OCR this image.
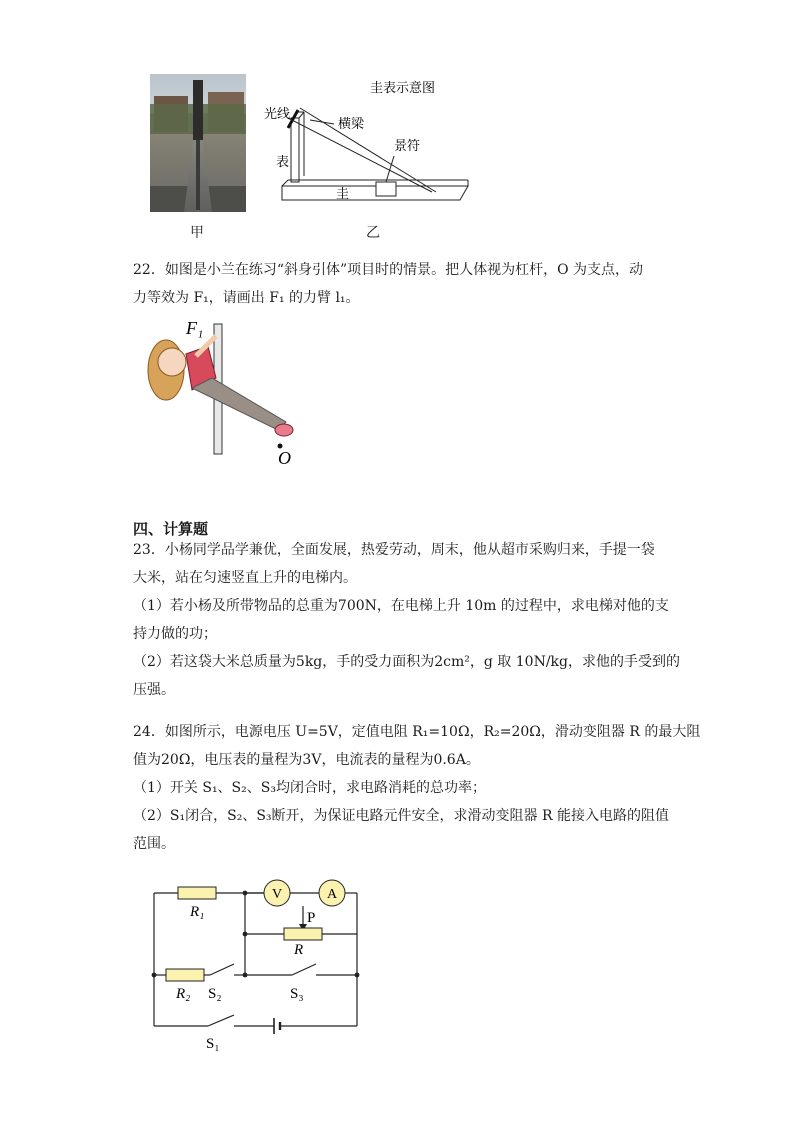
甲
圭表示意图
光线
横梁
景符
表
圭
乙
22．如图是小兰在练习“斜身引体”项目时的情景。把人体视为杠杆，O 为支点，动
力等效为 F₁，请画出 F₁ 的力臂 l₁。
F₁
O
四、计算题
23．小杨同学品学兼优，全面发展，热爱劳动，周末，他从超市采购归来，手提一袋
大米，站在匀速竖直上升的电梯内。
（1）若小杨及所带物品的总重为700N，在电梯上升 10m 的过程中，求电梯对他的支
持力做的功；
（2）若这袋大米总质量为5kg，手的受力面积为2cm²，g 取 10N/kg，求他的手受到的
压强。
24．如图所示，电源电压 U=5V，定值电阻 R₁=10Ω，R₂=20Ω，滑动变阻器 R 的最大阻
值为20Ω，电压表的量程为3V，电流表的量程为0.6A。
（1）开关 S₁、S₂、S₃均闭合时，求电路消耗的总功率；
（2）S₁闭合，S₂、S₃断开，为保证电路元件安全，求滑动变阻器 R 能接入电路的阻值
范围。
V	A
R₁	P
R
R₂ S₂	S₃
S₁
